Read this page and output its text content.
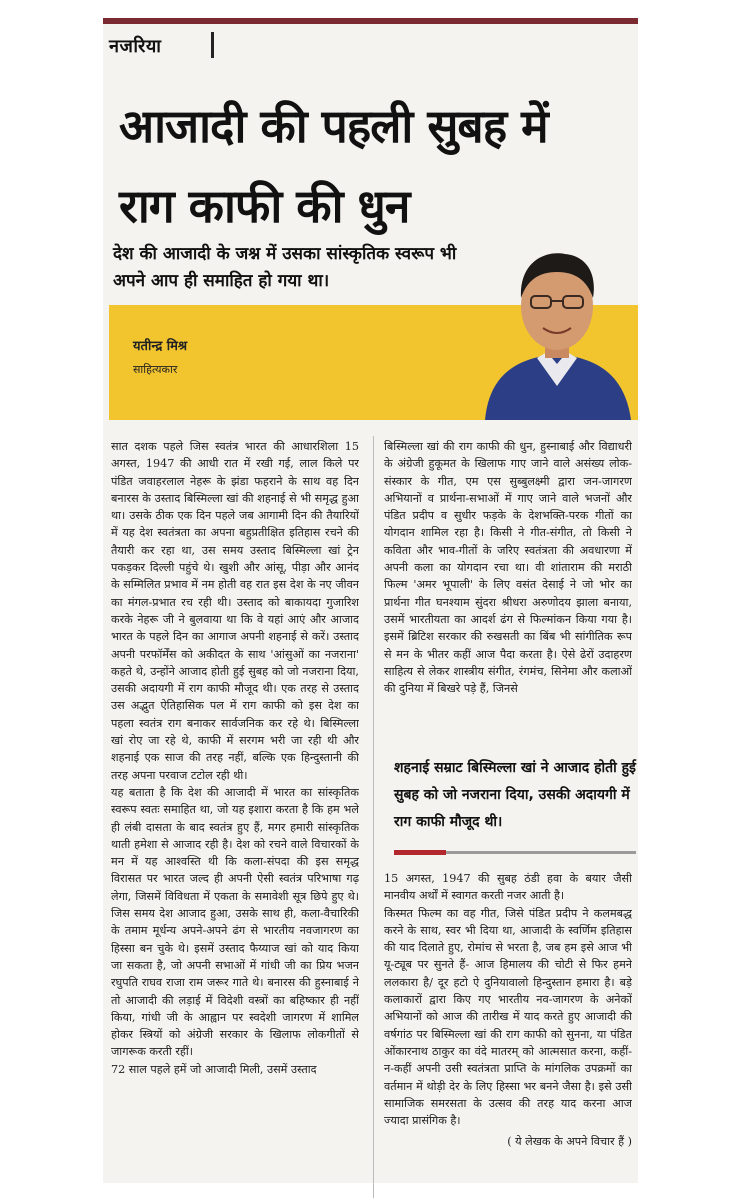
नजरिया
आजादी की पहली सुबह में
राग काफी की धुन
देश की आजादी के जश्न में उसका सांस्कृतिक स्वरूप भी अपने आप ही समाहित हो गया था।
यतीन्द्र मिश्र
साहित्यकार

सात दशक पहले जिस स्वतंत्र भारत की आधारशिला 15 अगस्त, 1947 की आधी रात में रखी गई, लाल किले पर पंडित जवाहरलाल नेहरू के झंडा फहराने के साथ वह दिन बनारस के उस्ताद बिस्मिल्ला खां की शहनाई से भी समृद्ध हुआ था। उसके ठीक एक दिन पहले जब आगामी दिन की तैयारियों में यह देश स्वतंत्रता का अपना बहुप्रतीक्षित इतिहास रचने की तैयारी कर रहा था, उस समय उस्ताद बिस्मिल्ला खां ट्रेन पकड़कर दिल्ली पहुंचे थे। खुशी और आंसू, पीड़ा और आनंद के सम्मिलित प्रभाव में नम होती वह रात इस देश के नए जीवन का मंगल-प्रभात रच रही थी। उस्ताद को बाकायदा गुजारिश करके नेहरू जी ने बुलवाया था कि वे यहां आएं और आजाद भारत के पहले दिन का आगाज अपनी शहनाई से करें। उस्ताद अपनी परफॉर्मेंस को अकीदत के साथ 'आंसुओं का नजराना' कहते थे, उन्होंने आजाद होती हुई सुबह को जो नजराना दिया, उसकी अदायगी में राग काफी मौजूद थी। एक तरह से उस्ताद उस अद्भुत ऐतिहासिक पल में राग काफी को इस देश का पहला स्वतंत्र राग बनाकर सार्वजनिक कर रहे थे। बिस्मिल्ला खां रोए जा रहे थे, काफी में सरगम भरी जा रही थी और शहनाई एक साज की तरह नहीं, बल्कि एक हिन्दुस्तानी की तरह अपना परवाज टटोल रही थी।

यह बताता है कि देश की आजादी में भारत का सांस्कृतिक स्वरूप स्वतः समाहित था, जो यह इशारा करता है कि हम भले ही लंबी दासता के बाद स्वतंत्र हुए हैं, मगर हमारी सांस्कृतिक थाती हमेशा से आजाद रही है। देश को रचने वाले विचारकों के मन में यह आश्वस्ति थी कि कला-संपदा की इस समृद्ध विरासत पर भारत जल्द ही अपनी ऐसी स्वतंत्र परिभाषा गढ़ लेगा, जिसमें विविधता में एकता के समावेशी सूत्र छिपे हुए थे। जिस समय देश आजाद हुआ, उसके साथ ही, कला-वैचारिकी के तमाम मूर्धन्य अपने-अपने ढंग से भारतीय नवजागरण का हिस्सा बन चुके थे। इसमें उस्ताद फैय्याज खां को याद किया जा सकता है, जो अपनी सभाओं में गांधी जी का प्रिय भजन रघुपति राघव राजा राम जरूर गाते थे। बनारस की हुस्नाबाई ने तो आजादी की लड़ाई में विदेशी वस्त्रों का बहिष्कार ही नहीं किया, गांधी जी के आह्वान पर स्वदेशी जागरण में शामिल होकर स्त्रियों को अंग्रेजी सरकार के खिलाफ लोकगीतों से जागरूक करती रहीं।

72 साल पहले हमें जो आजादी मिली, उसमें उस्ताद

बिस्मिल्ला खां की राग काफी की धुन, हुस्नाबाई और विद्याधरी के अंग्रेजी हुकूमत के खिलाफ गाए जाने वाले असंख्य लोक-संस्कार के गीत, एम एस सुब्बुलक्ष्मी द्वारा जन-जागरण अभियानों व प्रार्थना-सभाओं में गाए जाने वाले भजनों और पंडित प्रदीप व सुधीर फड़के के देशभक्ति-परक गीतों का योगदान शामिल रहा है। किसी ने गीत-संगीत, तो किसी ने कविता और भाव-गीतों के जरिए स्वतंत्रता की अवधारणा में अपनी कला का योगदान रचा था। वी शांताराम की मराठी फिल्म 'अमर भूपाली' के लिए वसंत देसाई ने जो भोर का प्रार्थना गीत घनश्याम सुंदरा श्रीधरा अरुणोदय झाला बनाया, उसमें भारतीयता का आदर्श ढंग से फिल्मांकन किया गया है। इसमें ब्रिटिश सरकार की रुखसती का बिंब भी सांगीतिक रूप से मन के भीतर कहीं आज पैदा करता है। ऐसे ढेरों उदाहरण साहित्य से लेकर शास्त्रीय संगीत, रंगमंच, सिनेमा और कलाओं की दुनिया में बिखरे पड़े हैं, जिनसे

शहनाई सम्राट बिस्मिल्ला खां ने आजाद होती हुई सुबह को जो नजराना दिया, उसकी अदायगी में राग काफी मौजूद थी।

15 अगस्त, 1947 की सुबह ठंडी हवा के बयार जैसी मानवीय अर्थों में स्वागत करती नजर आती है।

किस्मत फिल्म का वह गीत, जिसे पंडित प्रदीप ने कलमबद्ध करने के साथ, स्वर भी दिया था, आजादी के स्वर्णिम इतिहास की याद दिलाते हुए, रोमांच से भरता है, जब हम इसे आज भी यू-ट्यूब पर सुनते हैं- आज हिमालय की चोटी से फिर हमने ललकारा है/ दूर हटो ऐ दुनियावालो हिन्दुस्तान हमारा है। बड़े कलाकारों द्वारा किए गए भारतीय नव-जागरण के अनेकों अभियानों को आज की तारीख में याद करते हुए आजादी की वर्षगांठ पर बिस्मिल्ला खां की राग काफी को सुनना, या पंडित ओंकारनाथ ठाकुर का वंदे मातरम् को आत्मसात करना, कहीं-न-कहीं अपनी उसी स्वतंत्रता प्राप्ति के मांगलिक उपक्रमों का वर्तमान में थोड़ी देर के लिए हिस्सा भर बनने जैसा है। इसे उसी सामाजिक समरसता के उत्सव की तरह याद करना आज ज्यादा प्रासंगिक है।

( ये लेखक के अपने विचार हैं )
